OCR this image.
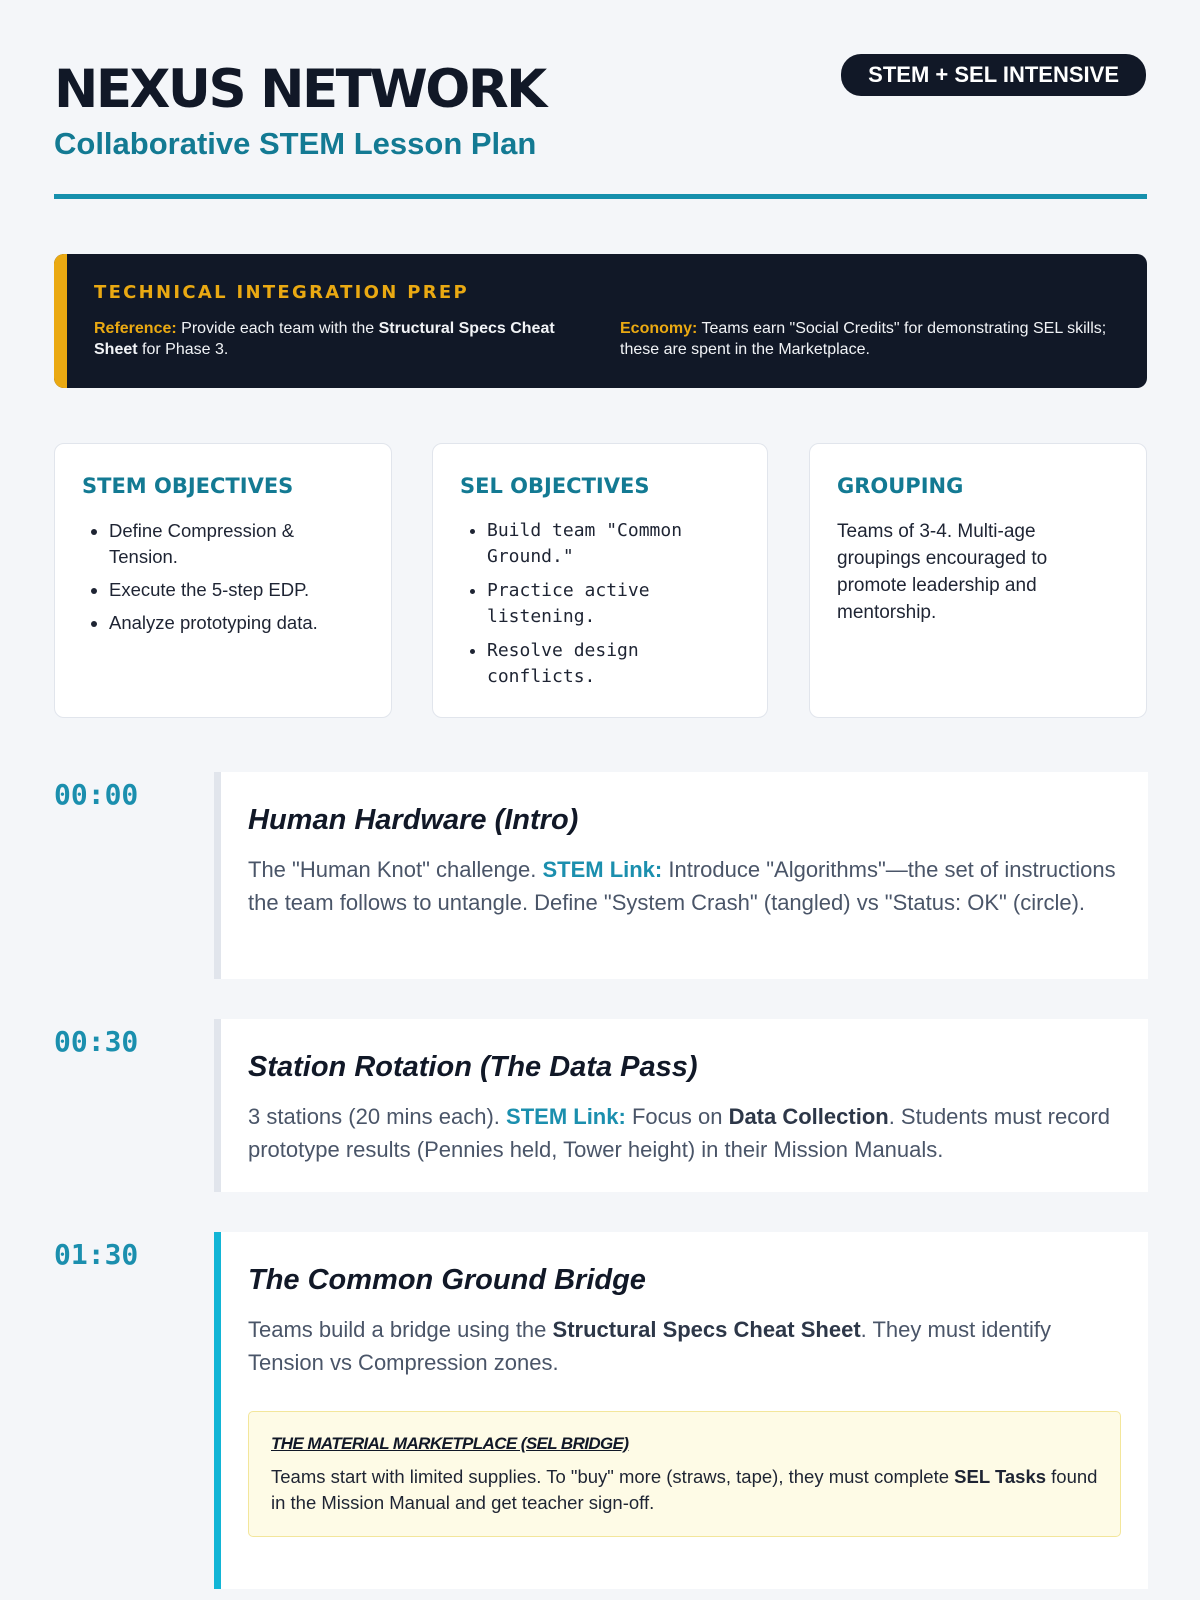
NEXUS NETWORK
Collaborative STEM Lesson Plan
STEM + SEL INTENSIVE
TECHNICAL INTEGRATION PREP
Reference: Provide each team with the Structural Specs Cheat Sheet for Phase 3.
Economy: Teams earn "Social Credits" for demonstrating SEL skills; these are spent in the Marketplace.
STEM OBJECTIVES
• Define Compression & Tension.
• Execute the 5-step EDP.
• Analyze prototyping data.
SEL OBJECTIVES
• Build team "Common Ground."
• Practice active listening.
• Resolve design conflicts.
GROUPING

Teams of 3-4. Multi-age groupings encouraged to promote leadership and mentorship.

00:00
Human Hardware (Intro)
The "Human Knot" challenge. STEM Link: Introduce "Algorithms"—the set of instructions the team follows to untangle. Define "System Crash" (tangled) vs "Status: OK" (circle).
00:30
Station Rotation (The Data Pass)
3 stations (20 mins each). STEM Link: Focus on Data Collection. Students must record prototype results (Pennies held, Tower height) in their Mission Manuals.
01:30
The Common Ground Bridge
Teams build a bridge using the Structural Specs Cheat Sheet. They must identify Tension vs Compression zones.
THE MATERIAL MARKETPLACE (SEL BRIDGE)
Teams start with limited supplies. To "buy" more (straws, tape), they must complete SEL Tasks found in the Mission Manual and get teacher sign-off.
